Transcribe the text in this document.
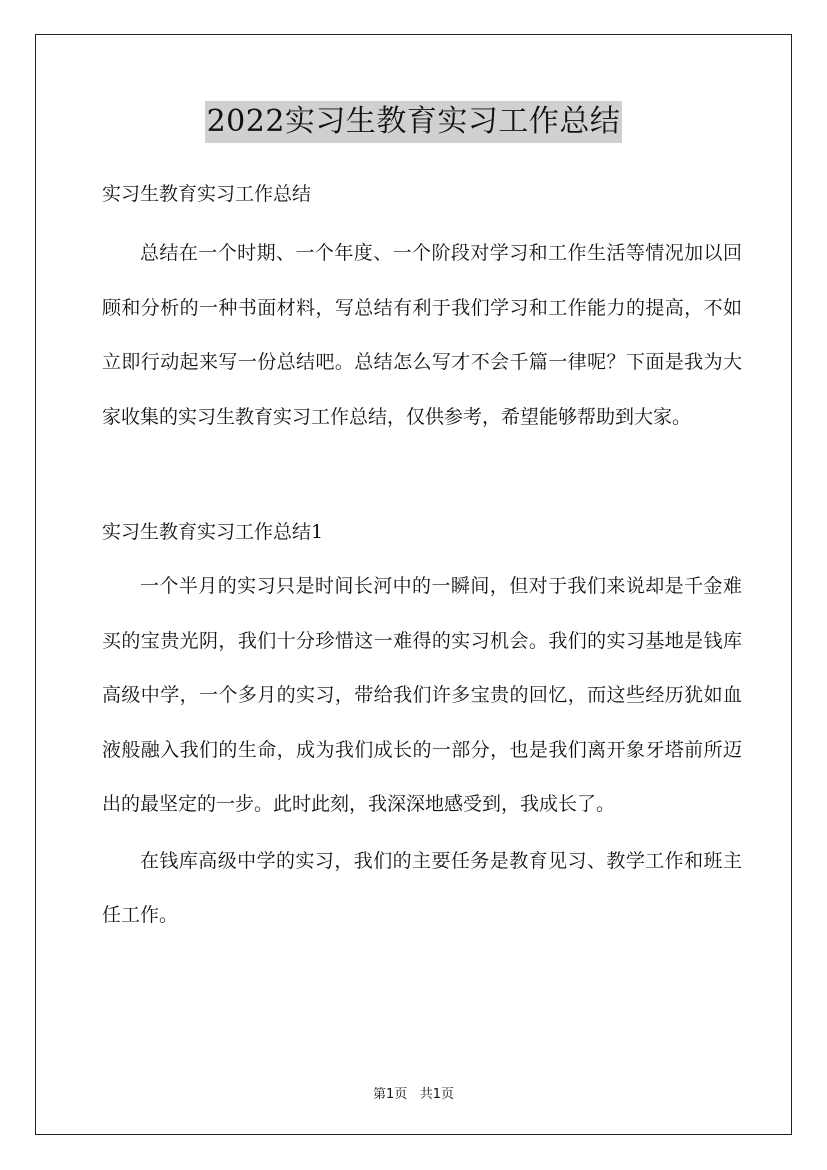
2022实习生教育实习工作总结
实习生教育实习工作总结

总结在一个时期、一个年度、一个阶段对学习和工作生活等情况加以回顾和分析的一种书面材料，写总结有利于我们学习和工作能力的提高，不如立即行动起来写一份总结吧。总结怎么写才不会千篇一律呢？下面是我为大家收集的实习生教育实习工作总结，仅供参考，希望能够帮助到大家。

实习生教育实习工作总结1

一个半月的实习只是时间长河中的一瞬间，但对于我们来说却是千金难买的宝贵光阴，我们十分珍惜这一难得的实习机会。我们的实习基地是钱库高级中学，一个多月的实习，带给我们许多宝贵的回忆，而这些经历犹如血液般融入我们的生命，成为我们成长的一部分，也是我们离开象牙塔前所迈出的最坚定的一步。此时此刻，我深深地感受到，我成长了。

在钱库高级中学的实习，我们的主要任务是教育见习、教学工作和班主任工作。

第1页 共1页
